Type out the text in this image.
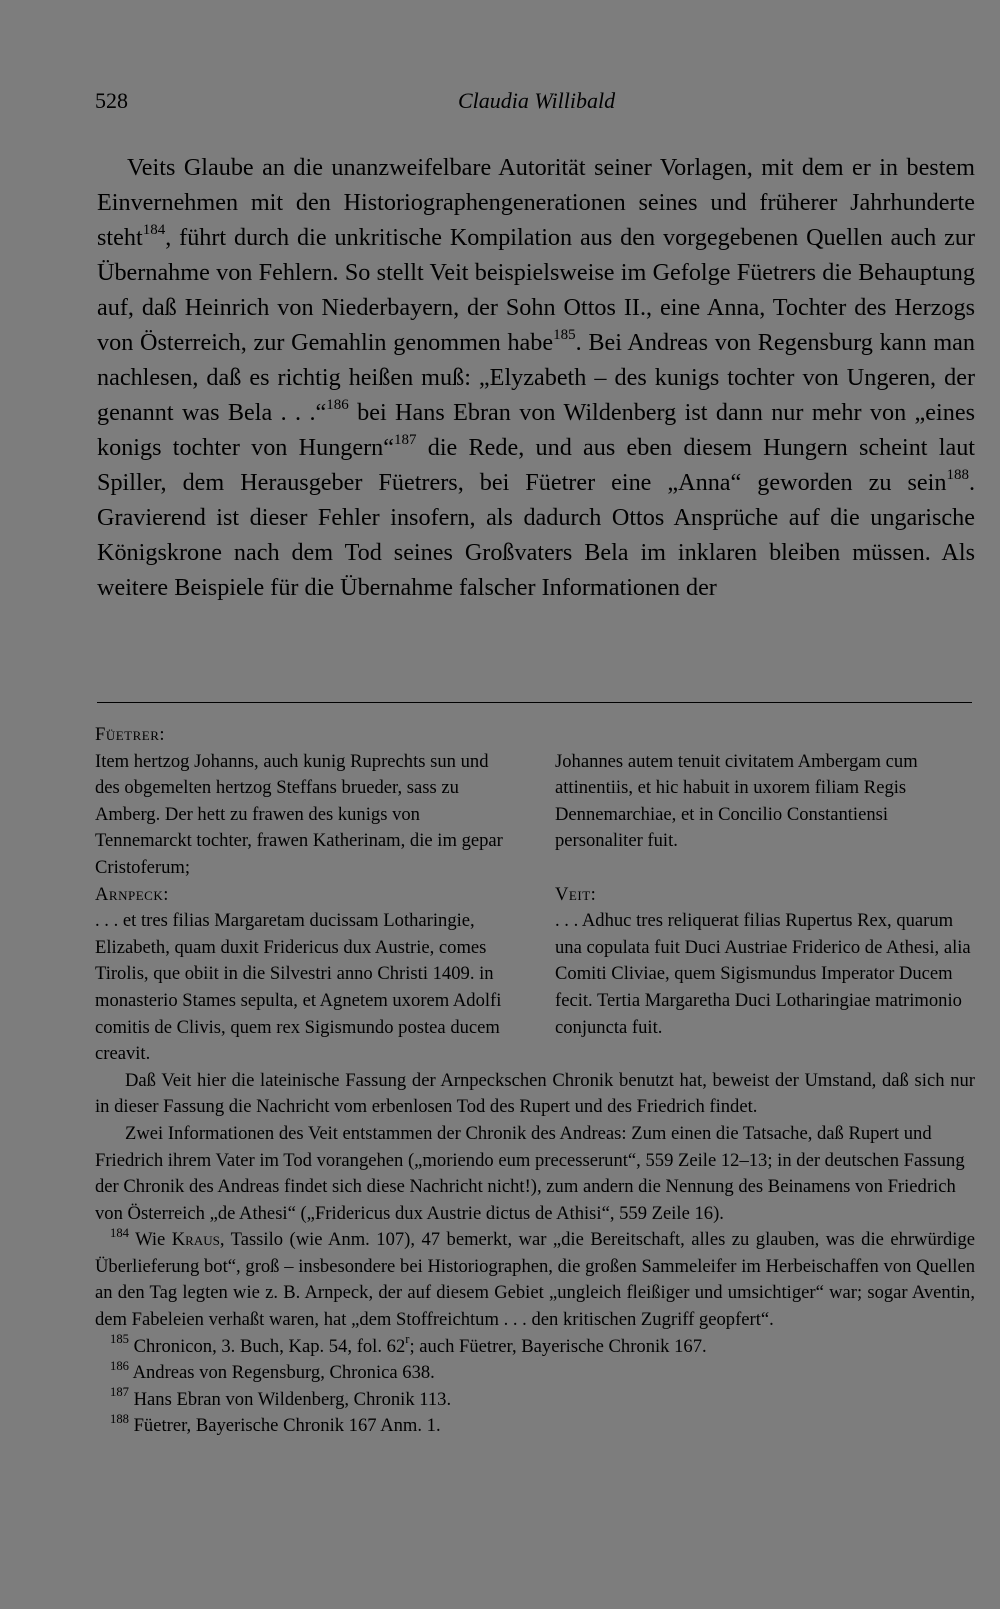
528	Claudia Willibald

Veits Glaube an die unanzweifelbare Autorität seiner Vorlagen, mit dem er in bestem Einvernehmen mit den Historiographengenerationen seines und früherer Jahrhunderte steht$^{184}$, führt durch die unkritische Kompilation aus den vorgegebenen Quellen auch zur Übernahme von Fehlern. So stellt Veit beispielsweise im Gefolge Füetrers die Behauptung auf, daß Heinrich von Niederbayern, der Sohn Ottos II., eine Anna, Tochter des Herzogs von Österreich, zur Gemahlin genommen habe$^{185}$. Bei Andreas von Regensburg kann man nachlesen, daß es richtig heißen muß: „Elyzabeth – des kunigs tochter von Ungeren, der genannt was Bela . . .“$^{186}$ bei Hans Ebran von Wildenberg ist dann nur mehr von „eines konigs tochter von Hungern“$^{187}$ die Rede, und aus eben diesem Hungern scheint laut Spiller, dem Herausgeber Füetrers, bei Füetrer eine „Anna“ geworden zu sein$^{188}$. Gravierend ist dieser Fehler insofern, als dadurch Ottos Ansprüche auf die ungarische Königskrone nach dem Tod seines Großvaters Bela im inklaren bleiben müssen. Als weitere Beispiele für die Übernahme falscher Informationen der

Füetrer:

Item hertzog Johanns, auch kunig Ruprechts sun und des obgemelten hertzog Steffans brueder, sass zu Amberg. Der hett zu frawen des kunigs von Tennemarckt tochter, frawen Katherinam, die im gepar Cristoferum;

Johannes autem tenuit civitatem Ambergam cum attinentiis, et hic habuit in uxorem filiam Regis Dennemarchiae, et in Concilio Constantiensi personaliter fuit.

Arnpeck:

. . . et tres filias Margaretam ducissam Lotharingie, Elizabeth, quam duxit Fridericus dux Austrie, comes Tirolis, que obiit in die Silvestri anno Christi 1409. in monasterio Stames sepulta, et Agnetem uxorem Adolfi comitis de Clivis, quem rex Sigismundo postea ducem creavit.

Veit:

. . . Adhuc tres reliquerat filias Rupertus Rex, quarum una copulata fuit Duci Austriae Friderico de Athesi, alia Comiti Cliviae, quem Sigismundus Imperator Ducem fecit. Tertia Margaretha Duci Lotharingiae matrimonio conjuncta fuit.

Daß Veit hier die lateinische Fassung der Arnpeckschen Chronik benutzt hat, beweist der Umstand, daß sich nur in dieser Fassung die Nachricht vom erbenlosen Tod des Rupert und des Friedrich findet.

Zwei Informationen des Veit entstammen der Chronik des Andreas: Zum einen die Tatsache, daß Rupert und Friedrich ihrem Vater im Tod vorangehen („moriendo eum precesserunt“, 559 Zeile 12–13; in der deutschen Fassung der Chronik des Andreas findet sich diese Nachricht nicht!), zum andern die Nennung des Beinamens von Friedrich von Österreich „de Athesi“ („Fridericus dux Austrie dictus de Athisi“, 559 Zeile 16).

$^{184}$ Wie Kraus, Tassilo (wie Anm. 107), 47 bemerkt, war „die Bereitschaft, alles zu glauben, was die ehrwürdige Überlieferung bot“, groß – insbesondere bei Historiographen, die großen Sammeleifer im Herbeischaffen von Quellen an den Tag legten wie z. B. Arnpeck, der auf diesem Gebiet „ungleich fleißiger und umsichtiger“ war; sogar Aventin, dem Fabeleien verhaßt waren, hat „dem Stoffreichtum . . . den kritischen Zugriff geopfert“.

$^{185}$ Chronicon, 3. Buch, Kap. 54, fol. 62$^r$; auch Füetrer, Bayerische Chronik 167.

$^{186}$ Andreas von Regensburg, Chronica 638.

$^{187}$ Hans Ebran von Wildenberg, Chronik 113.

$^{188}$ Füetrer, Bayerische Chronik 167 Anm. 1.
